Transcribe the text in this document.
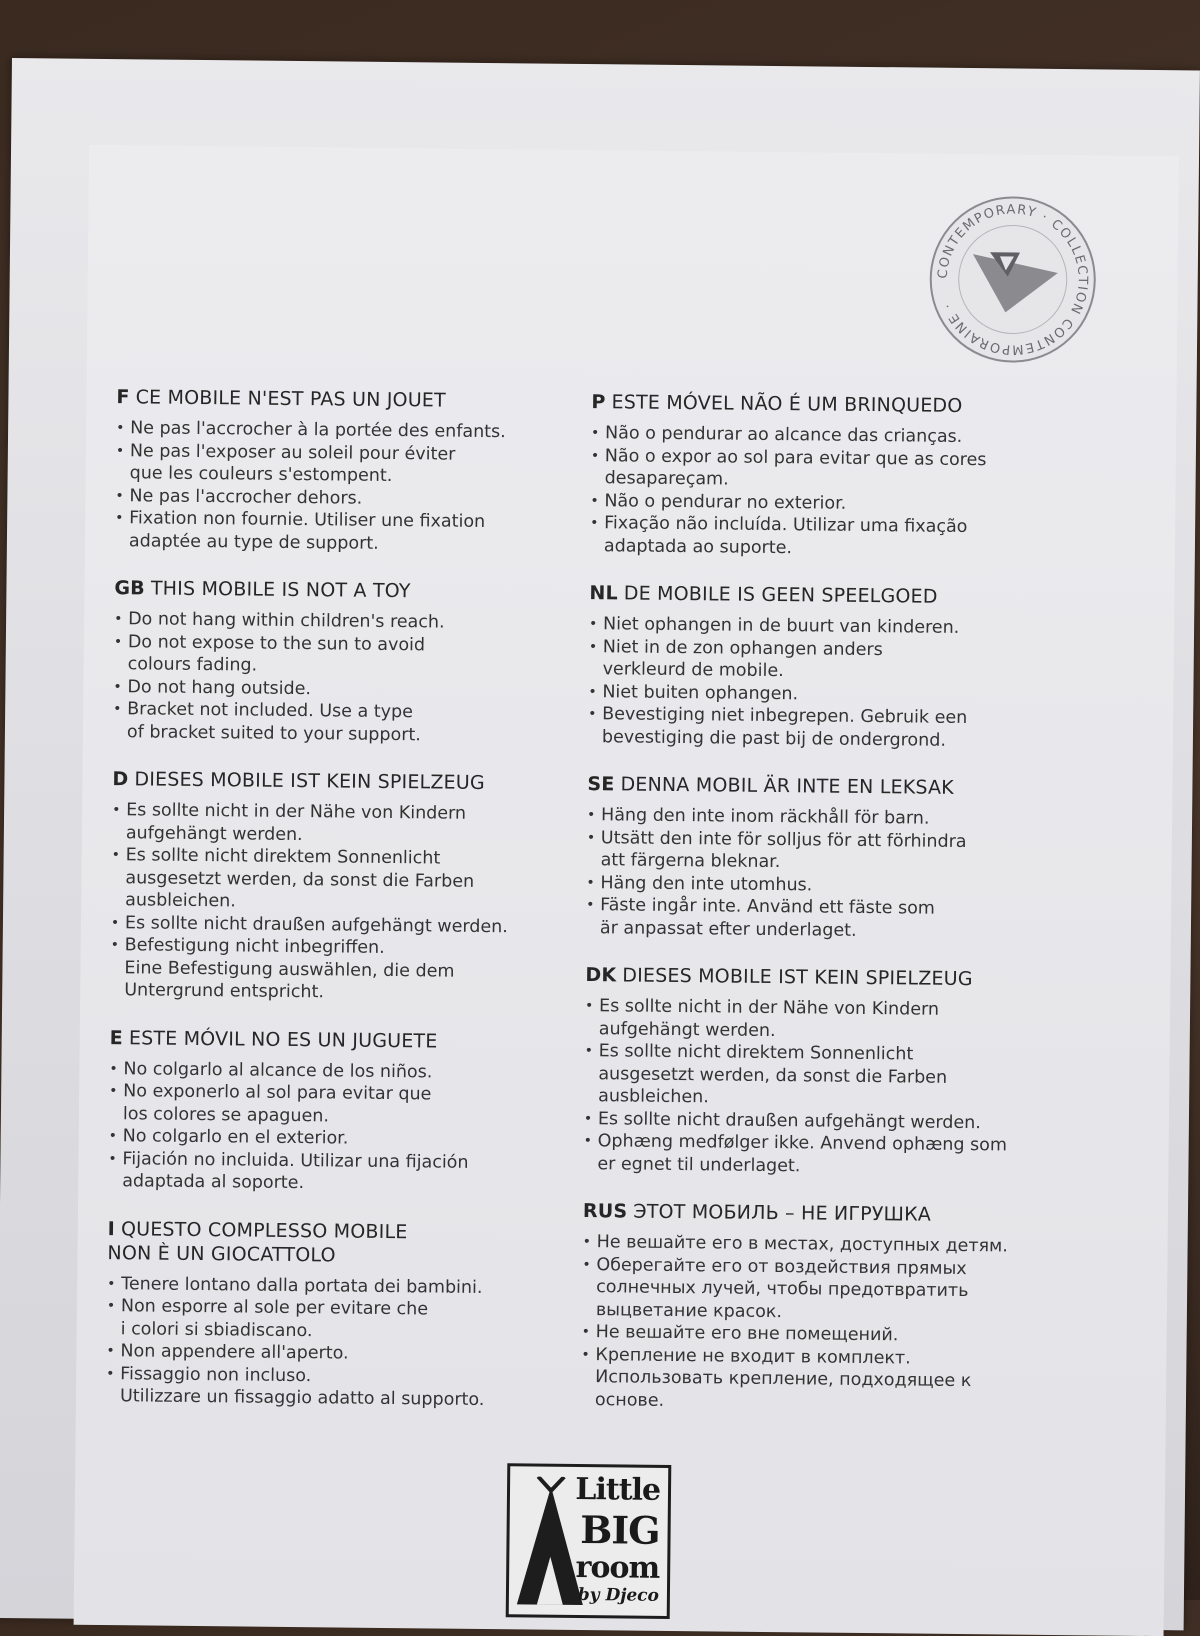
CONTEMPORARY · COLLECTION CONTEMPORAINE ·
F CE MOBILE N'EST PAS UN JOUET
• Ne pas l'accrocher à la portée des enfants.
• Ne pas l'exposer au soleil pour éviter
que les couleurs s'estompent.
• Ne pas l'accrocher dehors.
• Fixation non fournie. Utiliser une fixation
adaptée au type de support.
GB THIS MOBILE IS NOT A TOY
• Do not hang within children's reach.
• Do not expose to the sun to avoid
colours fading.
• Do not hang outside.
• Bracket not included. Use a type
of bracket suited to your support.
D DIESES MOBILE IST KEIN SPIELZEUG
• Es sollte nicht in der Nähe von Kindern
aufgehängt werden.
• Es sollte nicht direktem Sonnenlicht
ausgesetzt werden, da sonst die Farben
ausbleichen.
• Es sollte nicht draußen aufgehängt werden.
• Befestigung nicht inbegriffen.
Eine Befestigung auswählen, die dem
Untergrund entspricht.
E ESTE MÓVIL NO ES UN JUGUETE
• No colgarlo al alcance de los niños.
• No exponerlo al sol para evitar que
los colores se apaguen.
• No colgarlo en el exterior.
• Fijación no incluida. Utilizar una fijación
adaptada al soporte.
I QUESTO COMPLESSO MOBILE
NON È UN GIOCATTOLO
• Tenere lontano dalla portata dei bambini.
• Non esporre al sole per evitare che
i colori si sbiadiscano.
• Non appendere all'aperto.
• Fissaggio non incluso.
Utilizzare un fissaggio adatto al supporto.
P ESTE MÓVEL NÃO É UM BRINQUEDO
• Não o pendurar ao alcance das crianças.
• Não o expor ao sol para evitar que as cores
desapareçam.
• Não o pendurar no exterior.
• Fixação não incluída. Utilizar uma fixação
adaptada ao suporte.
NL DE MOBILE IS GEEN SPEELGOED
• Niet ophangen in de buurt van kinderen.
• Niet in de zon ophangen anders
verkleurd de mobile.
• Niet buiten ophangen.
• Bevestiging niet inbegrepen. Gebruik een
bevestiging die past bij de ondergrond.
SE DENNA MOBIL ÄR INTE EN LEKSAK
• Häng den inte inom räckhåll för barn.
• Utsätt den inte för solljus för att förhindra
att färgerna bleknar.
• Häng den inte utomhus.
• Fäste ingår inte. Använd ett fäste som
är anpassat efter underlaget.
DK DIESES MOBILE IST KEIN SPIELZEUG
• Es sollte nicht in der Nähe von Kindern
aufgehängt werden.
• Es sollte nicht direktem Sonnenlicht
ausgesetzt werden, da sonst die Farben
ausbleichen.
• Es sollte nicht draußen aufgehängt werden.
• Ophæng medfølger ikke. Anvend ophæng som
er egnet til underlaget.
RUS ЭТОТ МОБИЛЬ – НЕ ИГРУШКА
• Не вешайте его в местах, доступных детям.
• Оберегайте его от воздействия прямых
солнечных лучей, чтобы предотвратить
выцветание красок.
• Не вешайте его вне помещений.
• Крепление не входит в комплект.
Использовать крепление, подходящее к
основе.
Little
BIG
room
by Djeco
